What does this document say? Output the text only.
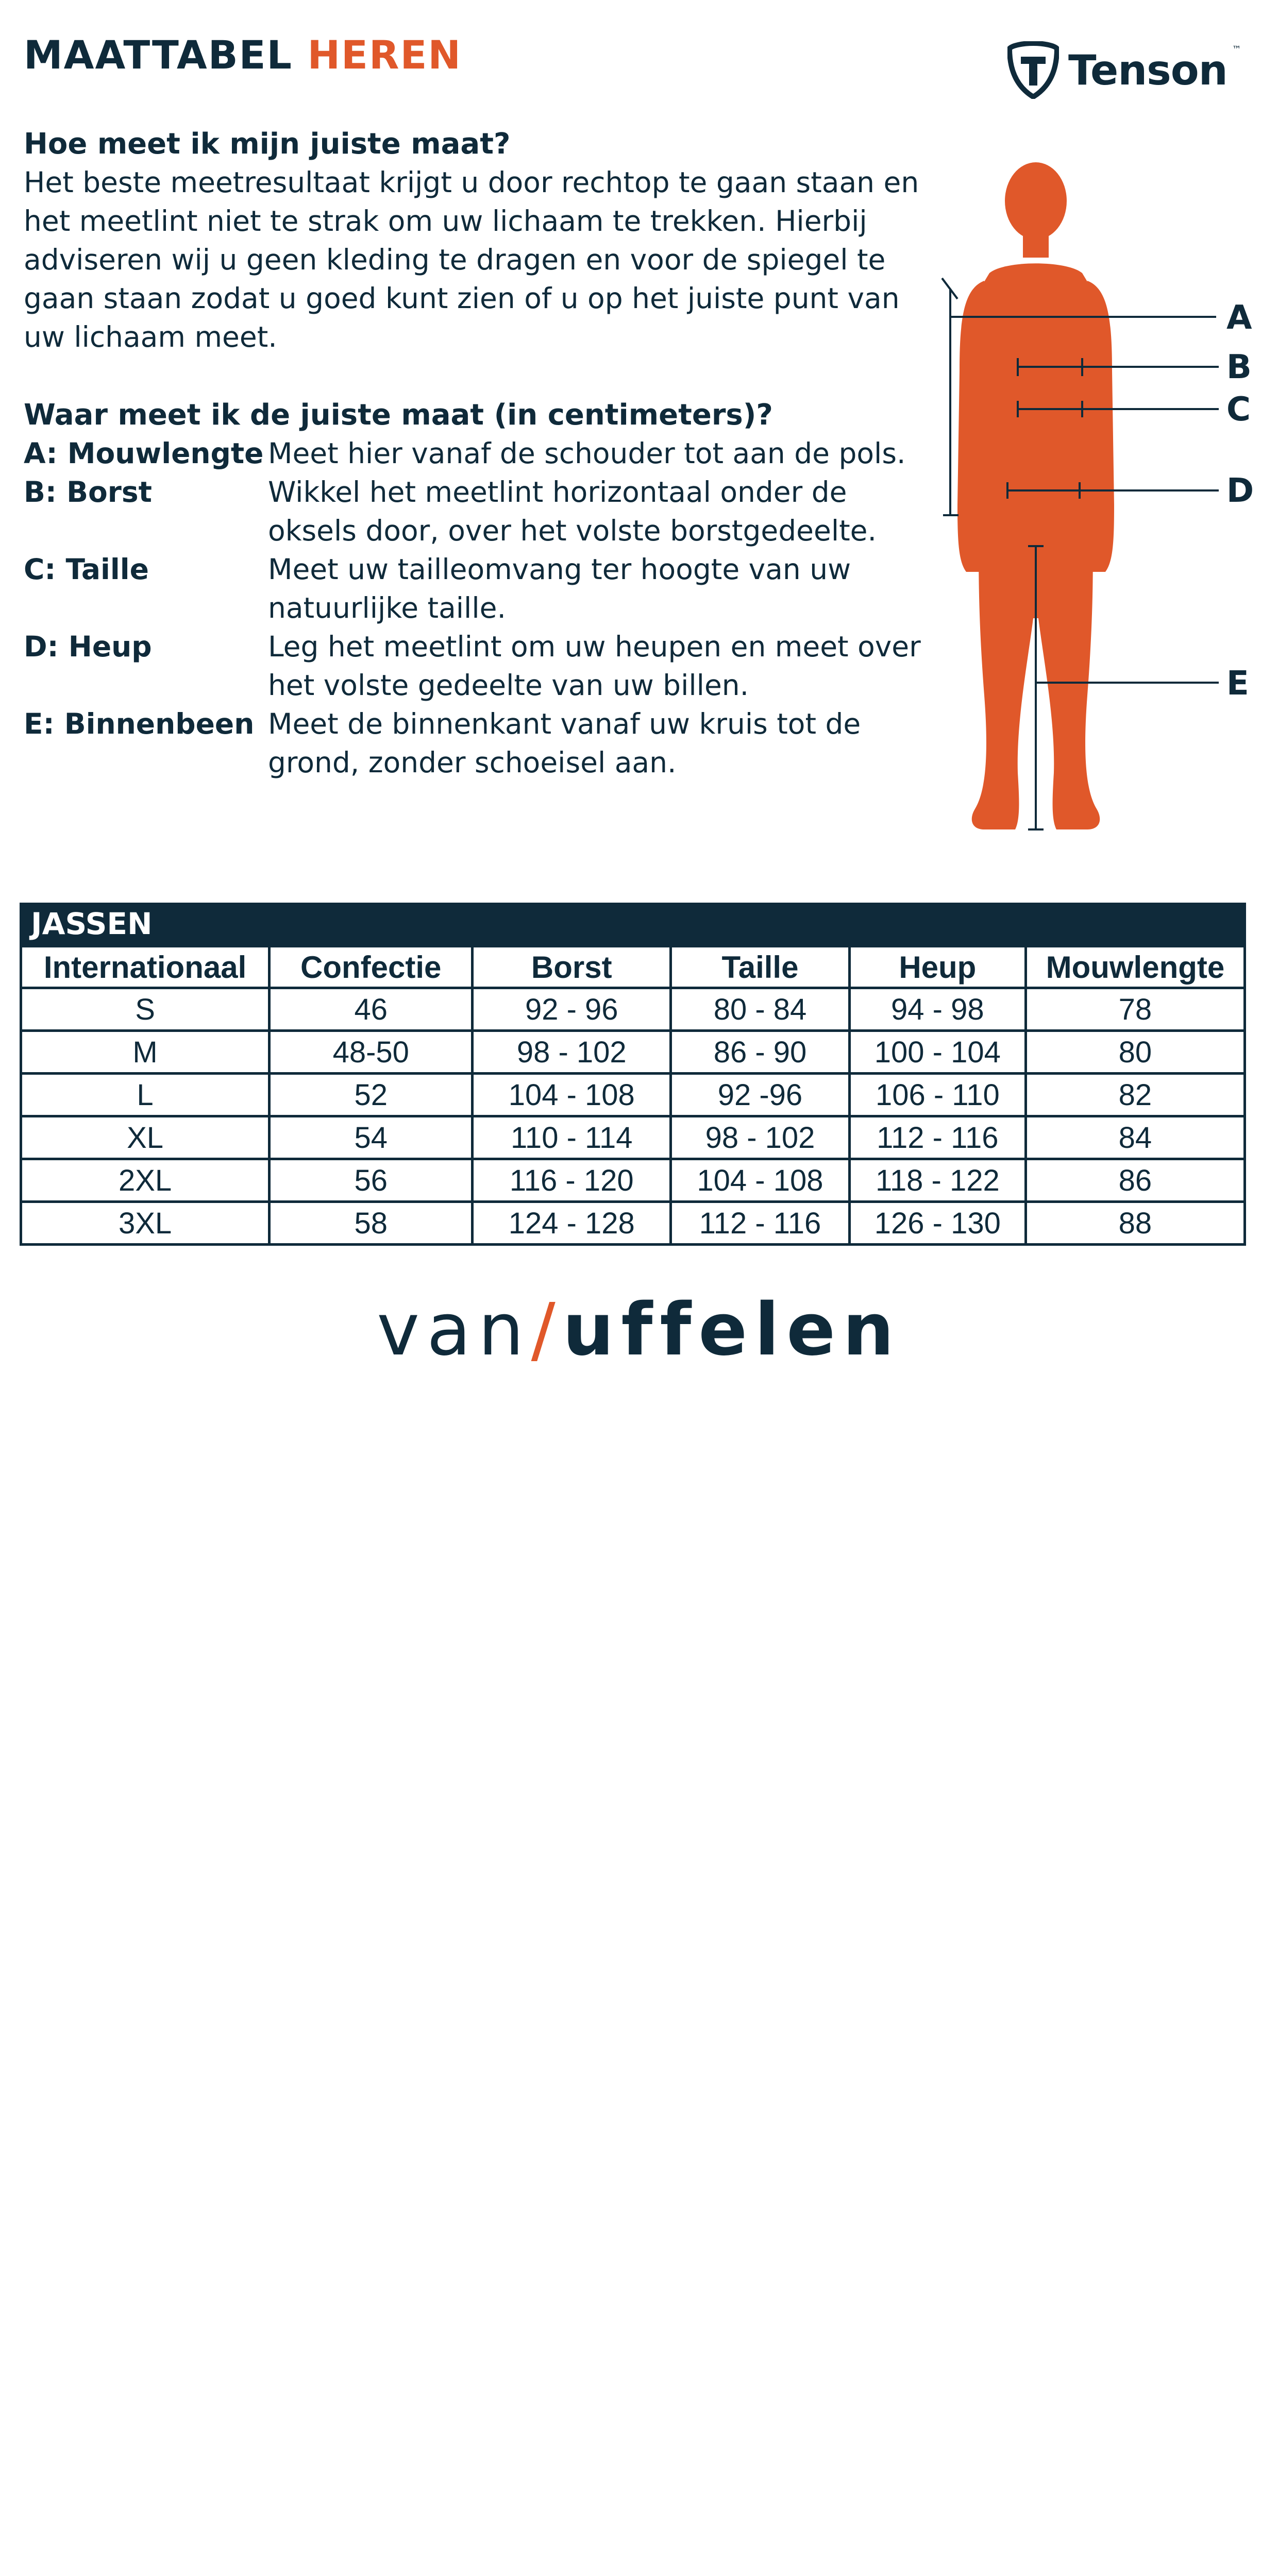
MAATTABEL HEREN	Tenson ™
Hoe meet ik mijn juiste maat?
Het beste meetresultaat krijgt u door rechtop te gaan staan en het meetlint niet te strak om uw lichaam te trekken. Hierbij adviseren wij u geen kleding te dragen en voor de spiegel te gaan staan zodat u goed kunt zien of u op het juiste punt van uw lichaam meet.
Waar meet ik de juiste maat (in centimeters)?
A: Mouwlengte Meet hier vanaf de schouder tot aan de pols.
B: Borst	Wikkel het meetlint horizontaal onder de oksels door, over het volste borstgedeelte.
C: Taille	Meet uw tailleomvang ter hoogte van uw natuurlijke taille.
D: Heup	Leg het meetlint om uw heupen en meet over het volste gedeelte van uw billen.
E: Binnenbeen Meet de binnenkant vanaf uw kruis tot de grond, zonder schoeisel aan.
A
B
C
D
E
JASSEN
Internationaal	Confectie	Borst	Taille	Heup	Mouwlengte
S	46	92 - 96	80 - 84	94 - 98	78
M	48-50	98 - 102	86 - 90	100 - 104	80
L	52	104 - 108	92 -96	106 - 110	82
XL	54	110 - 114	98 - 102	112 - 116	84
2XL	56	116 - 120	104 - 108	118 - 122	86
3XL	58	124 - 128	112 - 116	126 - 130	88
van/uffelen
